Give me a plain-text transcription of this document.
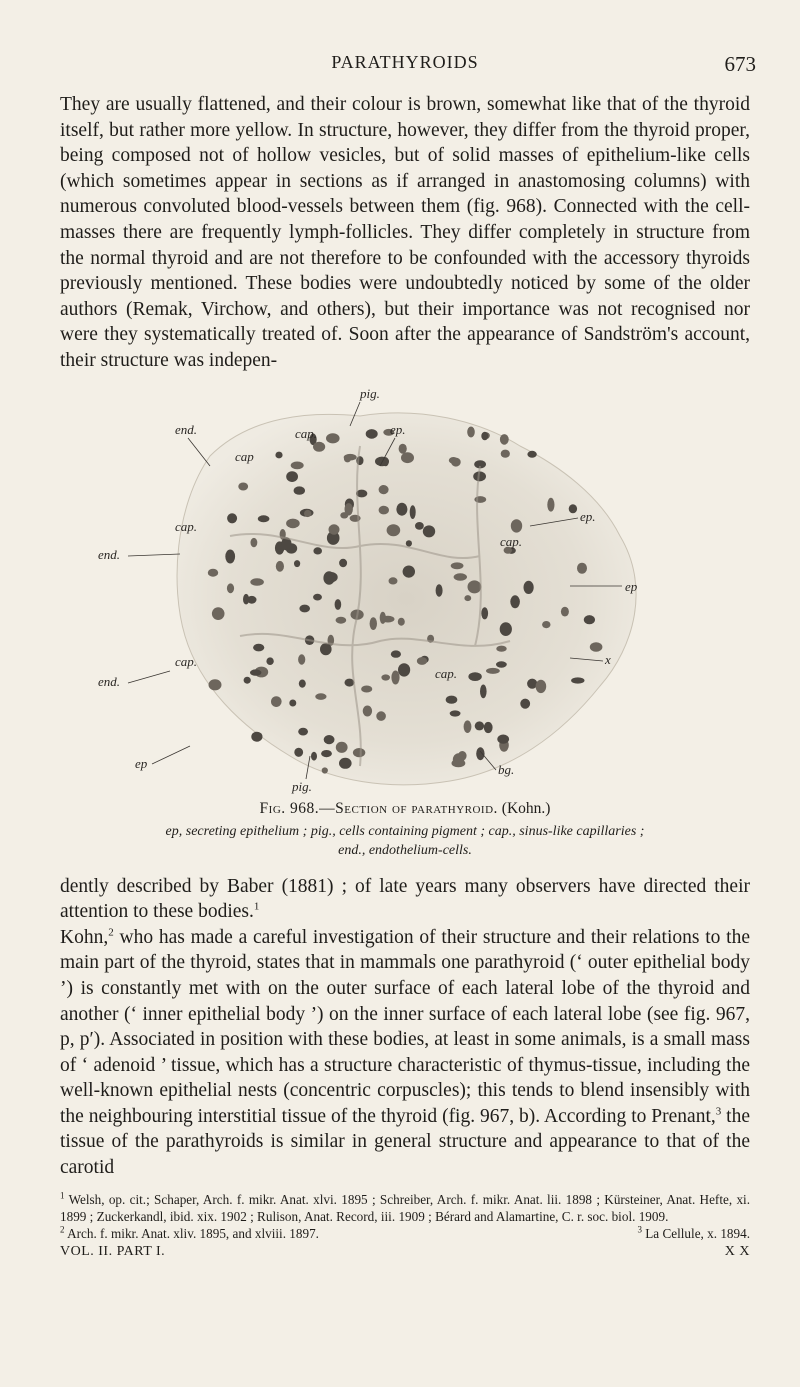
PARATHYROIDS	673

They are usually flattened, and their colour is brown, somewhat like that of the thyroid itself, but rather more yellow. In structure, however, they differ from the thyroid proper, being composed not of hollow vesicles, but of solid masses of epithelium-like cells (which sometimes appear in sections as if arranged in anastomosing columns) with numerous convoluted blood-vessels between them (fig. 968). Connected with the cell-masses there are frequently lymph-follicles. They differ completely in structure from the normal thyroid and are not therefore to be confounded with the accessory thyroids previously mentioned. These bodies were undoubtedly noticed by some of the older authors (Remak, Virchow, and others), but their importance was not recognised nor were they systematically treated of. Soon after the appearance of Sandström's account, their structure was indepen-

pig.
end.	ep.
cap.
cap
ep.
cap.
end.
cap.
ep
cap.
end.
cap.
x
ep
pig.
bg.
Fig. 968.—Section of parathyroid. (Kohn.)
ep, secreting epithelium ; pig., cells containing pigment ; cap., sinus-like capillaries ;
end., endothelium-cells.

dently described by Baber (1881) ; of late years many observers have directed their attention to these bodies.$^1$

Kohn,$^2$ who has made a careful investigation of their structure and their relations to the main part of the thyroid, states that in mammals one parathyroid (‘ outer epithelial body ’) is constantly met with on the outer surface of each lateral lobe of the thyroid and another (‘ inner epithelial body ’) on the inner surface of each lateral lobe (see fig. 967, p, p′). Associated in position with these bodies, at least in some animals, is a small mass of ‘ adenoid ’ tissue, which has a structure characteristic of thymus-tissue, including the well-known epithelial nests (concentric corpuscles); this tends to blend insensibly with the neighbouring interstitial tissue of the thyroid (fig. 967, b). According to Prenant,$^3$ the tissue of the parathyroids is similar in general structure and appearance to that of the carotid

$^1$ Welsh, op. cit.; Schaper, Arch. f. mikr. Anat. xlvi. 1895 ; Schreiber, Arch. f. mikr. Anat. lii. 1898 ; Kürsteiner, Anat. Hefte, xi. 1899 ; Zuckerkandl, ibid. xix. 1902 ; Rulison, Anat. Record, iii. 1909 ; Bérard and Alamartine, C. r. soc. biol. 1909.
$^2$ Arch. f. mikr. Anat. xliv. 1895, and xlviii. 1897.	$^3$ La Cellule, x. 1894.
VOL. II. PART I.	X X
